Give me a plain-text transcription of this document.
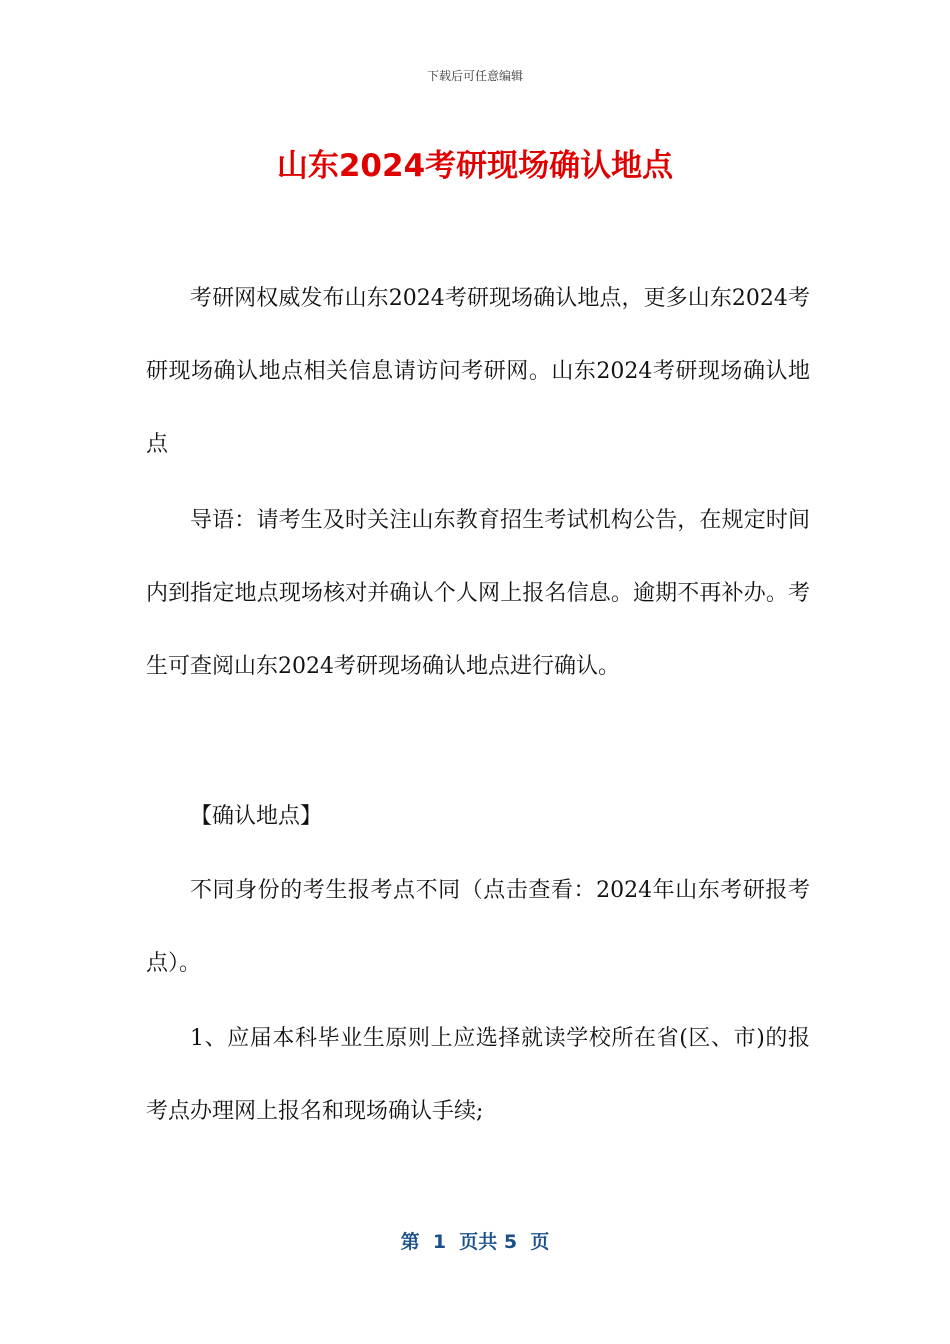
下载后可任意编辑
山东2024考研现场确认地点

考研网权威发布山东2024考研现场确认地点，更多山东2024考研现场确认地点相关信息请访问考研网。山东2024考研现场确认地点

导语：请考生及时关注山东教育招生考试机构公告，在规定时间内到指定地点现场核对并确认个人网上报名信息。逾期不再补办。考生可查阅山东2024考研现场确认地点进行确认。

【确认地点】

不同身份的考生报考点不同（点击查看：2024年山东考研报考点）。

1、应届本科毕业生原则上应选择就读学校所在省(区、市)的报考点办理网上报名和现场确认手续;

第  1  页共 5  页
